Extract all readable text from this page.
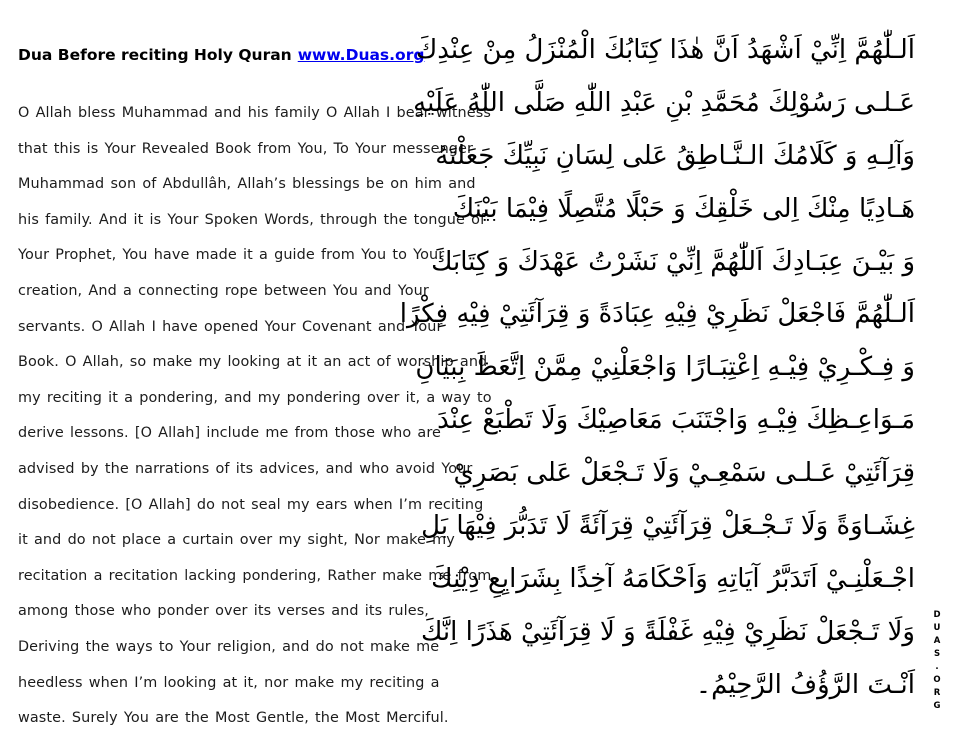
Dua Before reciting Holy Quran www.Duas.org
O Allah bless Muhammad and his family O Allah I bear witness
that this is Your Revealed Book from You, To Your messenger
Muhammad son of Abdullâh, Allah’s blessings be on him and
his family. And it is Your Spoken Words, through the tongue of
Your Prophet, You have made it a guide from You to Your
creation, And a connecting rope between You and Your
servants. O Allah I have opened Your Covenant and Your
Book. O Allah, so make my looking at it an act of worship and
my reciting it a pondering, and my pondering over it, a way to
derive lessons. [O Allah] include me from those who are
advised by the narrations of its advices, and who avoid Your
disobedience. [O Allah] do not seal my ears when I’m reciting
it and do not place a curtain over my sight, Nor make my
recitation a recitation lacking pondering, Rather make me from
among those who ponder over its verses and its rules,
Deriving the ways to Your religion, and do not make me
heedless when I’m looking at it, nor make my reciting a
waste. Surely You are the Most Gentle, the Most Merciful.
اَلـلّٰهُمَّ اِنِّيْ اَشْهَدُ اَنَّ هٰذَا كِتَابُكَ الْمُنْزَلُ مِنْ عِنْدِكَ
عَـلـى رَسُوْلِكَ مُحَمَّدِ بْنِ عَبْدِ اللّٰهِ صَلَّى اللّٰهُ عَلَيْهِ
وَآلِـهِ وَ كَلَامُكَ الـنَّـاطِقُ عَلى لِسَانِ نَبِيِّكَ جَعَلْتَهُ
هَـادِيًا مِنْكَ اِلى خَلْقِكَ وَ حَبْلًا مُتَّصِلًا فِيْمَا بَيْنَكَ
وَ بَيْـنَ عِبَـادِكَ اَللّٰهُمَّ اِنِّيْ نَشَرْتُ عَهْدَكَ وَ كِتَابَكَ
اَلـلّٰهُمَّ فَاجْعَلْ نَظَرِيْ فِيْهِ عِبَادَةً وَ قِرَآئَتِيْ فِيْهِ فِكْرًا
وَ فِـكْـرِيْ فِيْـهِ اِعْتِبَـارًا وَاجْعَلْنِيْ مِمَّنْ اِتَّعَظَ بِبَيَانِ
مَـوَاعِـظِكَ فِيْـهِ وَاجْتَنَبَ مَعَاصِيْكَ وَلَا تَطْبَعْ عِنْدَ
قِرَآئَتِيْ عَـلـى سَمْعِـيْ وَلَا تَـجْعَلْ عَلى بَصَرِيْ
غِشَـاوَةً وَلَا تَـجْـعَلْ قِرَآئَتِيْ قِرَآئَةً لَا تَدَبُّرَ فِيْهَا بَلِ
اجْـعَلْنِـيْ اَتَدَبَّرُ آيَاتِهِ وَاَحْكَامَهُ آخِذًا بِشَرَايِعِ دِيْنِكَ
وَلَا تَـجْعَلْ نَظَرِيْ فِيْهِ غَفْلَةً وَ لَا قِرَآئَتِيْ هَذَرًا اِنَّكَ
اَنْـتَ الرَّؤُفُ الرَّحِيْمُ۔ DUAS.ORG
